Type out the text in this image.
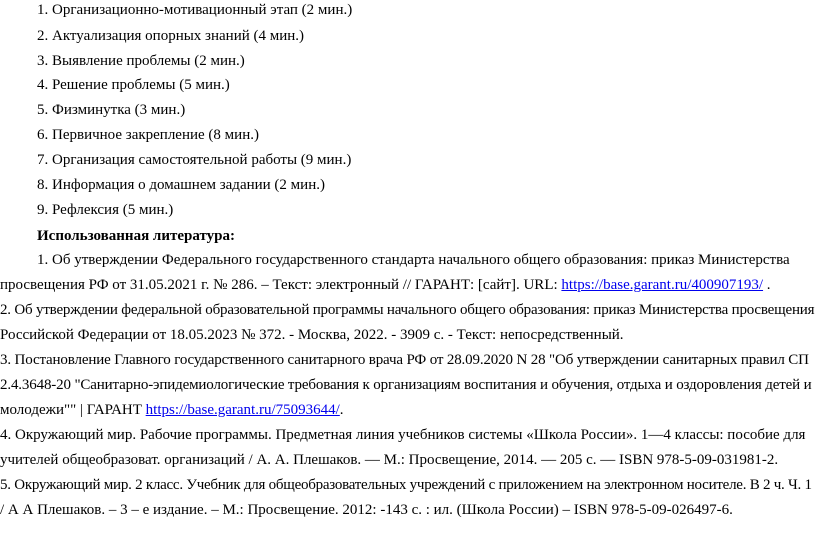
1. Организационно-мотивационный этап (2 мин.)
2. Актуализация опорных знаний (4 мин.)
3. Выявление проблемы (2 мин.)
4. Решение проблемы (5 мин.)
5. Физминутка (3 мин.)
6. Первичное закрепление (8 мин.)
7. Организация самостоятельной работы (9 мин.)
8. Информация о домашнем задании (2 мин.)
9. Рефлексия (5 мин.)
Использованная литература:
1. Об утверждении Федерального государственного стандарта начального общего образования: приказ Министерства
просвещения РФ от 31.05.2021 г. № 286. – Текст: электронный // ГАРАНТ: [сайт]. URL: https://base.garant.ru/400907193/ .
2. Об утверждении федеральной образовательной программы начального общего образования: приказ Министерства просвещения
Российской Федерации от 18.05.2023 № 372. - Москва, 2022. - 3909 с. - Текст: непосредственный.
3. Постановление Главного государственного санитарного врача РФ от 28.09.2020 N 28 "Об утверждении санитарных правил СП
2.4.3648-20 "Санитарно-эпидемиологические требования к организациям воспитания и обучения, отдыха и оздоровления детей и
молодежи"" | ГАРАНТ https://base.garant.ru/75093644/.
4. Окружающий мир. Рабочие программы. Предметная линия учебников системы «Школа России». 1—4 классы: пособие для
учителей общеобразоват. организаций / А. А. Плешаков. — М.: Просвещение, 2014. — 205 с. — ISBN 978-5-09-031981-2.
5. Окружающий мир. 2 класс. Учебник для общеобразовательных учреждений с приложением на электронном носителе. В 2 ч. Ч. 1
/ А А Плешаков. – 3 – е издание. – М.: Просвещение. 2012: -143 с. : ил. (Школа России) – ISBN 978-5-09-026497-6.
